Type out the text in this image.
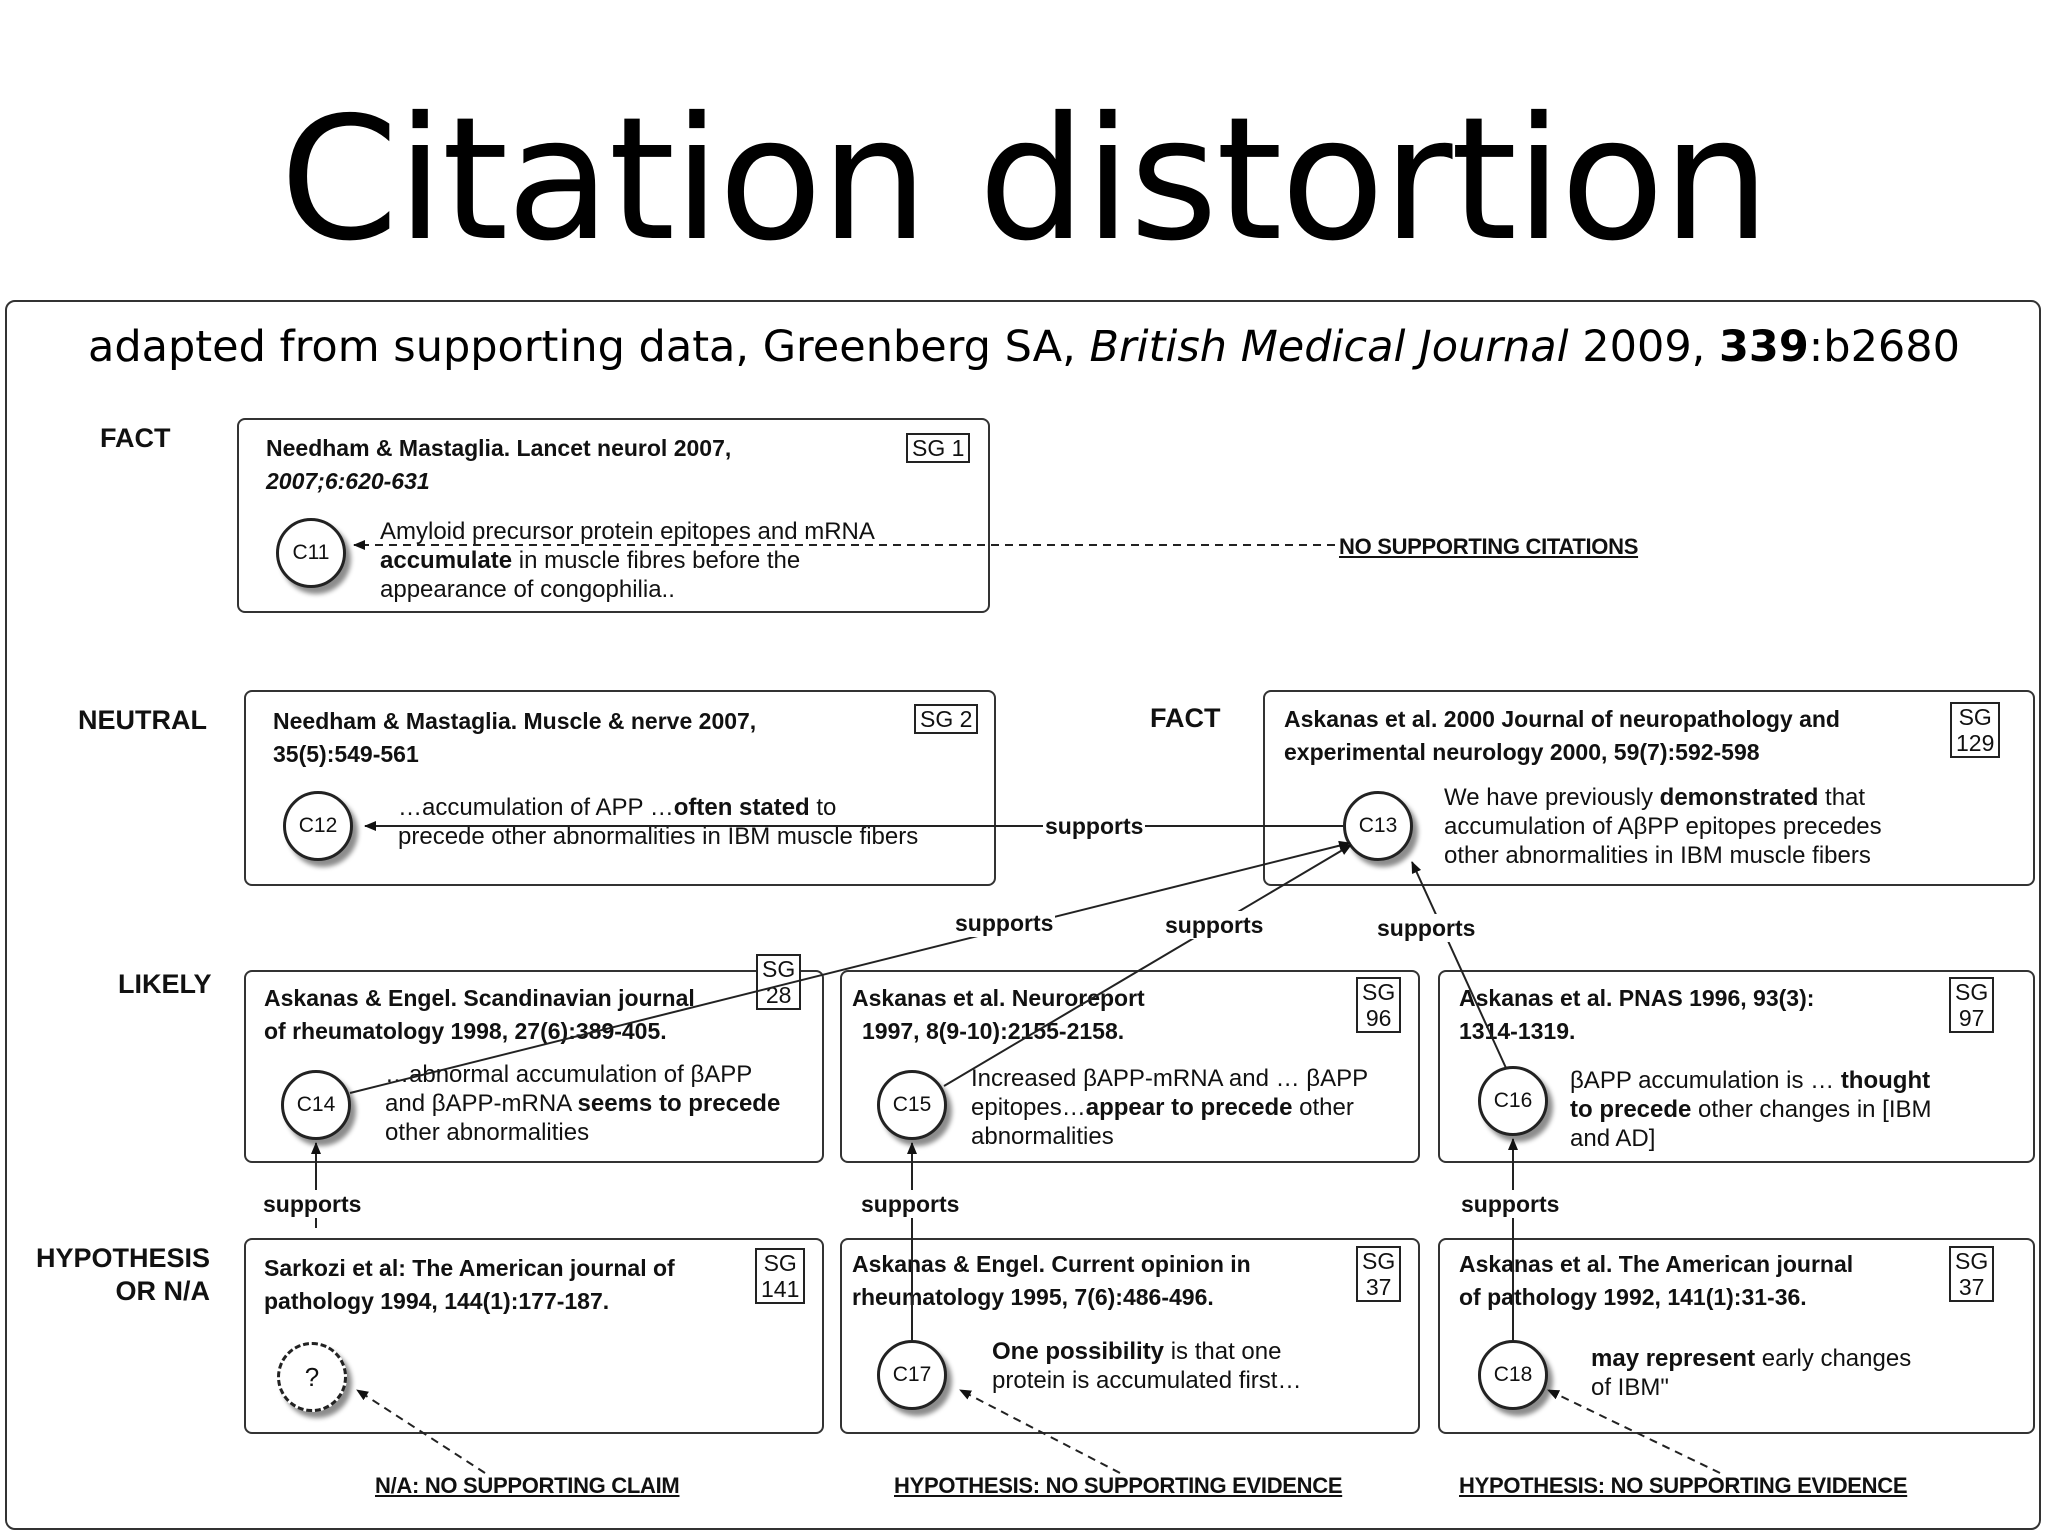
Citation distortion
adapted from supporting data, Greenberg SA, British Medical Journal 2009, 339:b2680
FACT
NEUTRAL	FACT
LIKELY
HYPOTHESIS
OR N/A
Needham & Mastaglia. Lancet neurol 2007,
2007;6:620-631
SG 1
C11
Amyloid precursor protein epitopes and mRNA
accumulate in muscle fibres before the
appearance of congophilia..
Needham & Mastaglia. Muscle & nerve 2007,
35(5):549-561
SG 2
C12
…accumulation of APP …often stated to
precede other abnormalities in IBM muscle fibers
Askanas et al. 2000 Journal of neuropathology and
experimental neurology 2000, 59(7):592-598
SG
129
C13
We have previously demonstrated that
accumulation of AβPP epitopes precedes
other abnormalities in IBM muscle fibers
Askanas & Engel. Scandinavian journal
of rheumatology 1998, 27(6):389-405.
SG
28
C14
…abnormal accumulation of βAPP
and βAPP-mRNA seems to precede
other abnormalities
Askanas et al. Neuroreport
1997, 8(9-10):2155-2158.
SG
96
C15
Increased βAPP-mRNA and … βAPP
epitopes…appear to precede other
abnormalities
Askanas et al. PNAS 1996, 93(3):
1314-1319.
SG
97
C16
βAPP accumulation is … thought
to precede other changes in [IBM
and AD]
Sarkozi et al: The American journal of
pathology 1994, 144(1):177-187.
SG
141
?
Askanas & Engel. Current opinion in
rheumatology 1995, 7(6):486-496.
SG
37
C17
One possibility is that one
protein is accumulated first…
Askanas et al. The American journal
of pathology 1992, 141(1):31-36.
SG
37
C18
may represent early changes
of IBM"
supports
supports	supports	supports
supports	supports	supports
NO SUPPORTING CITATIONS
N/A: NO SUPPORTING CLAIM	HYPOTHESIS: NO SUPPORTING EVIDENCE	HYPOTHESIS: NO SUPPORTING EVIDENCE
